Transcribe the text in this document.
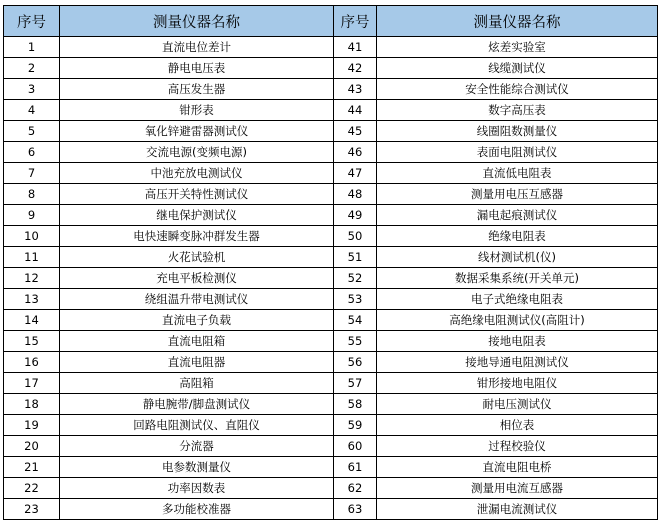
序号	测量仪器名称	序号	测量仪器名称
1	直流电位差计	41	炫差实验室
2	静电电压表	42	线缆测试仪
3	高压发生器	43	安全性能综合测试仪
4	钳形表	44	数字高压表
5	氧化锌避雷器测试仪	45	线圈阻数测量仪
6	交流电源(变频电源)	46	表面电阻测试仪
7	中池充放电测试仪	47	直流低电阻表
8	高压开关特性测试仪	48	测量用电压互感器
9	继电保护测试仪	49	漏电起痕测试仪
10	电快速瞬变脉冲群发生器	50	绝缘电阻表
11	火花试验机	51	线材测试机(仪)
12	充电平板检测仪	52	数据采集系统(开关单元)
13	绕组温升带电测试仪	53	电子式绝缘电阻表
14	直流电子负载	54	高绝缘电阻测试仪(高阻计)
15	直流电阻箱	55	接地电阻表
16	直流电阻器	56	接地导通电阻测试仪
17	高阻箱	57	钳形接地电阻仪
18	静电腕带/脚盘测试仪	58	耐电压测试仪
19	回路电阻测试仪、直阻仪	59	相位表
20	分流器	60	过程校验仪
21	电参数测量仪	61	直流电阻电桥
22	功率因数表	62	测量用电流互感器
23	多功能校准器	63	泄漏电流测试仪
